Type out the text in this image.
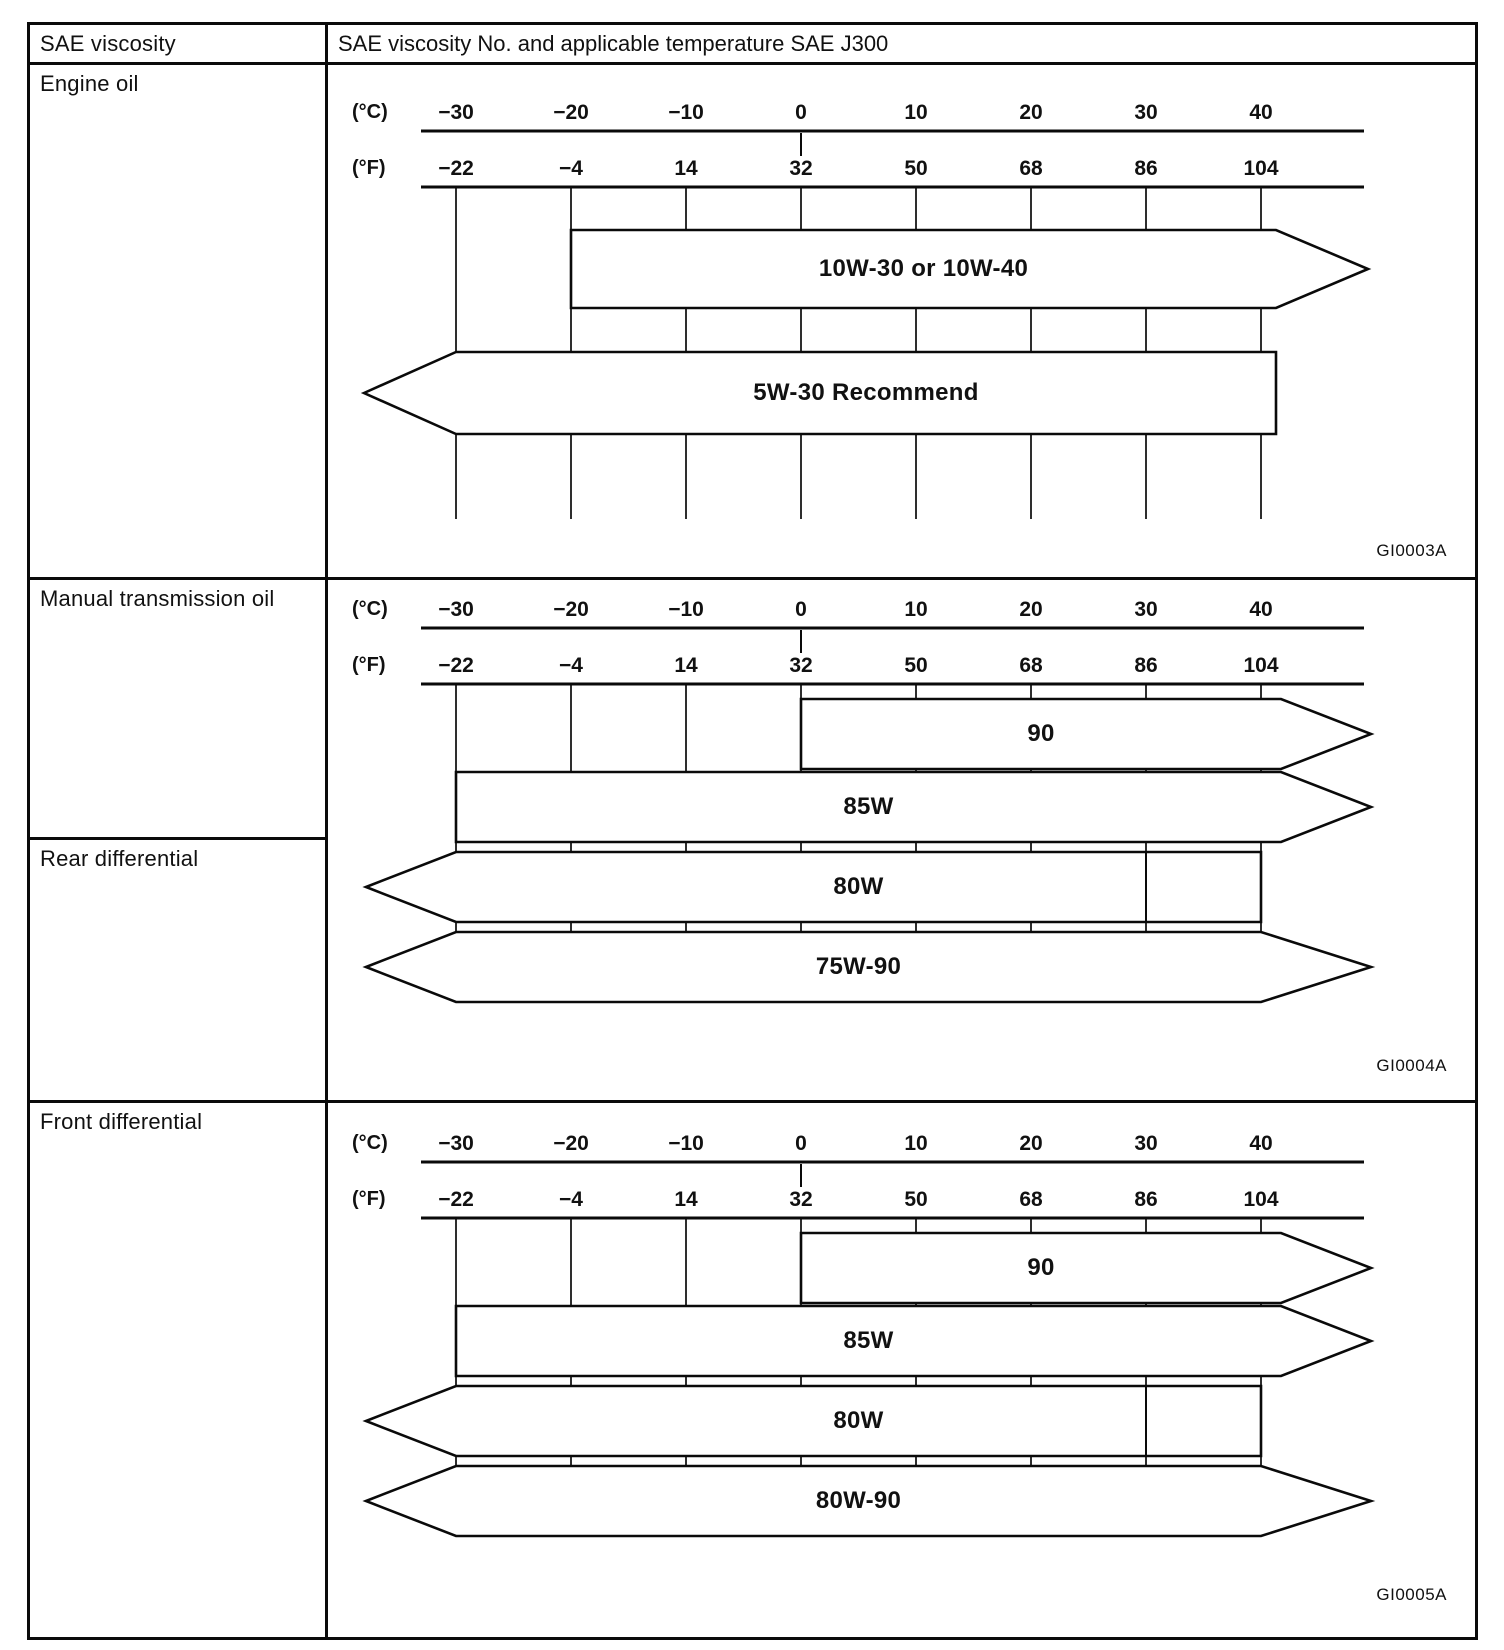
SAE viscosity	SAE viscosity No. and applicable temperature SAE J300
Engine oil
(°C)	−30	−20	−10	0	10	20	30	40
(°F)	−22	−4	14	32	50	68	86	104
10W-30 or 10W-40
5W-30 Recommend
GI0003A
Manual transmission oil
Rear differential
(°C)	−30	−20	−10	0	10	20	30	40
(°F)	−22	−4	14	32	50	68	86	104
90
85W
80W
75W-90
GI0004A
Front differential
(°C)	−30	−20	−10	0	10	20	30	40
(°F)	−22	−4	14	32	50	68	86	104
90
85W
80W
80W-90
GI0005A
